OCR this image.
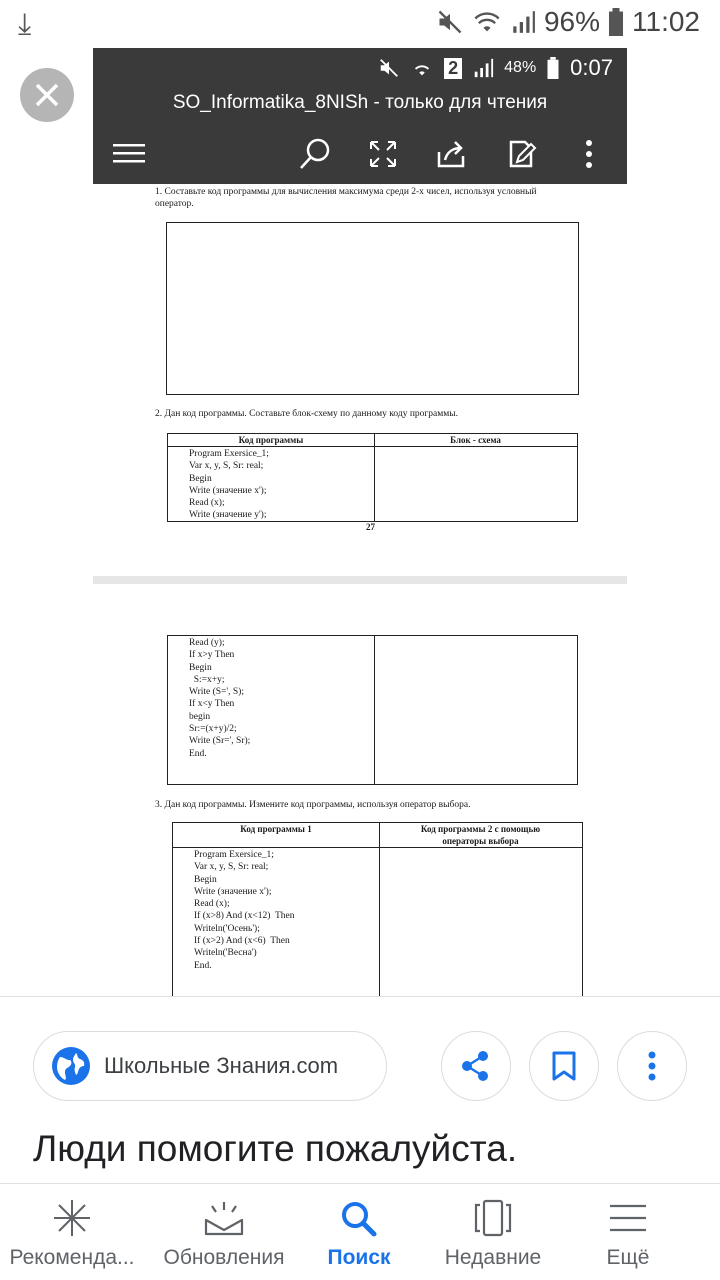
⤓	96% 11:02
2	48% 0:07
SO_Informatika_8NISh - только для чтения
1. Составьте код программы для вычисления максимума среди 2-х чисел, используя условный оператор.
2. Дан код программы. Составьте блок-схему по данному коду программы.
Код программы	Блок - схема
Program Exersice_1;
Var x, y, S, Sr: real;
Begin
Write (значение x');
Read (x);
Write (значение y');
27
Read (y);
If x>y Then
Begin
S:=x+y;
Write (S=', S);
If x<y Then
begin
Sr:=(x+y)/2;
Write (Sr=', Sr);
End.
3. Дан код программы. Измените код программы, используя оператор выбора.
Код программы 1	Код программы 2 с помощью операторы выбора
Program Exersice_1;
Var x, y, S, Sr: real;
Begin
Write (значение x');
Read (x);
If (x>8) And (x<12)  Then
Writeln('Осень');
If (x>2) And (x<6)  Then
Writeln('Весна')
End.
Школьные Знания.com
Люди помогите пожалуйста.
Рекоменда...	Обновления	Поиск	Недавние	Ещё
